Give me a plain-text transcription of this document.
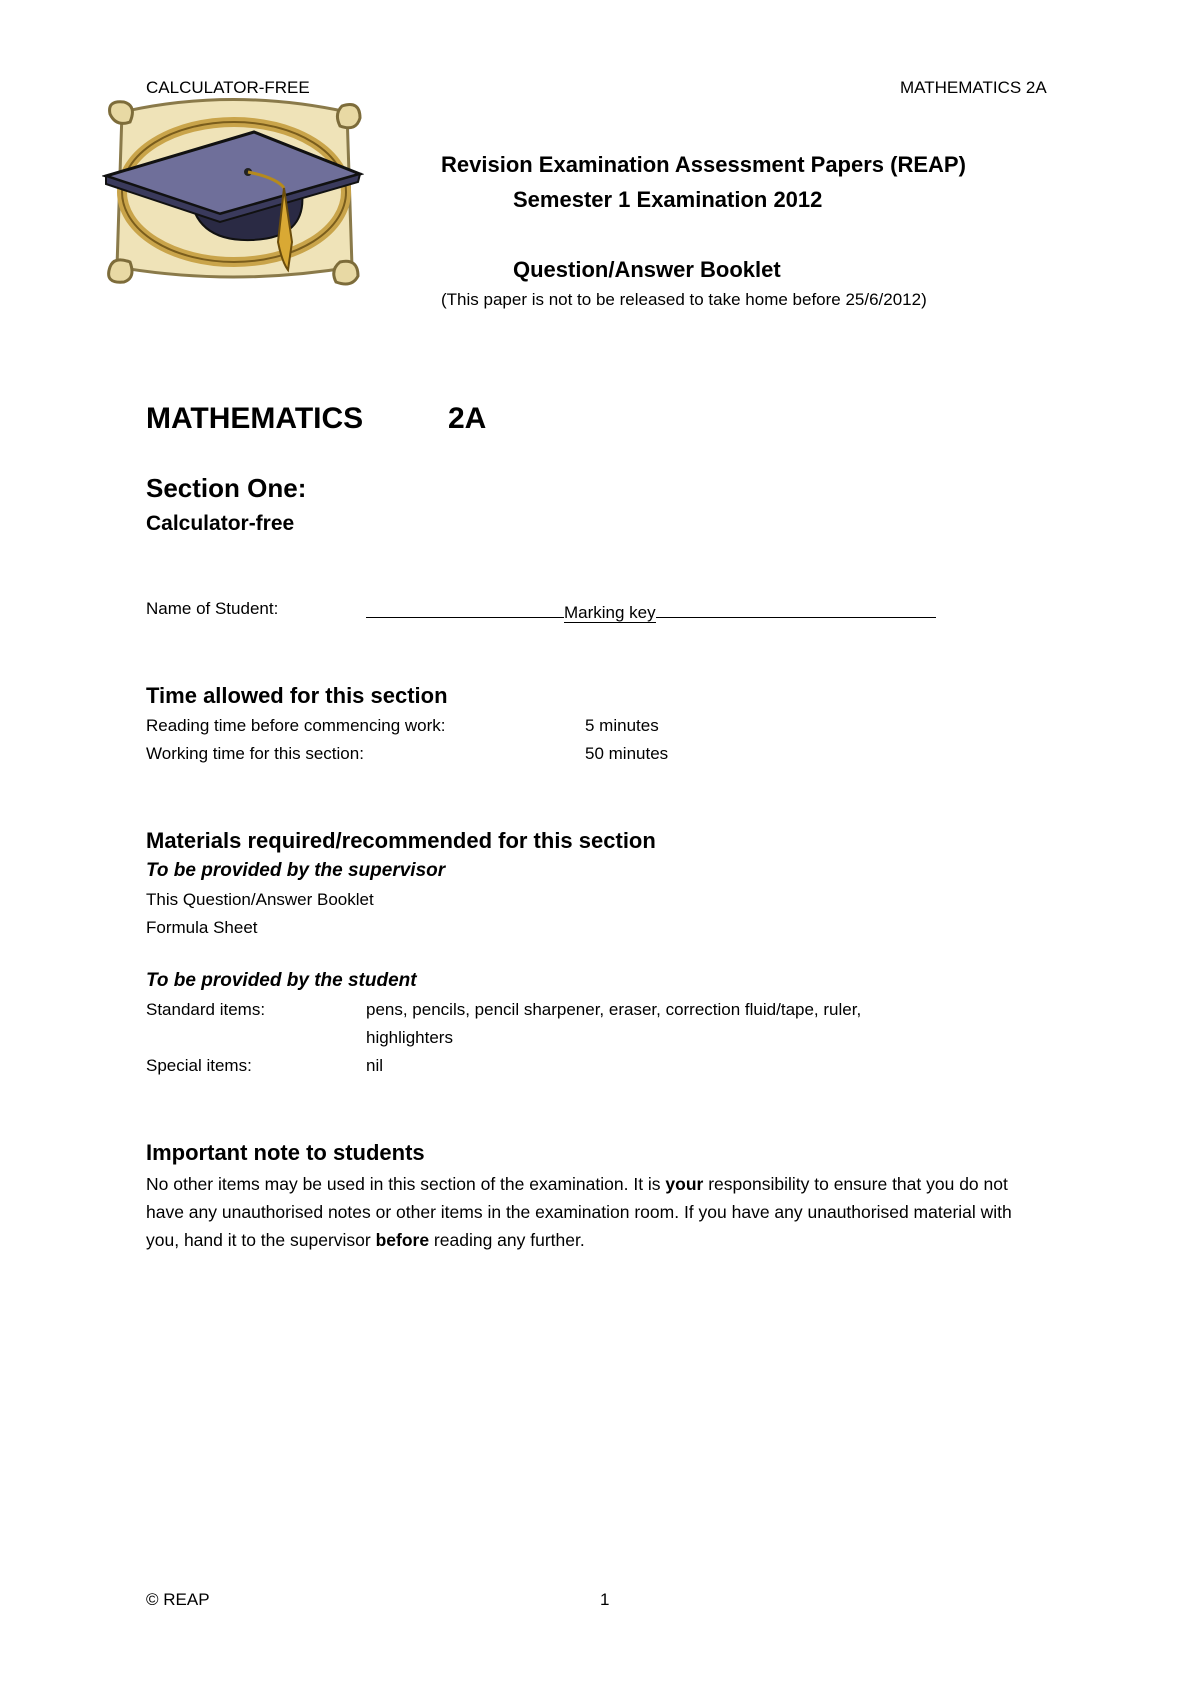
CALCULATOR-FREE	MATHEMATICS 2A
Revision Examination Assessment Papers (REAP)
Semester 1 Examination 2012
Question/Answer Booklet
(This paper is not to be released to take home before 25/6/2012)
MATHEMATICS	2A
Section One:
Calculator-free
Name of Student:	Marking key
Time allowed for this section
Reading time before commencing work:	5 minutes
Working time for this section:	50 minutes
Materials required/recommended for this section
To be provided by the supervisor
This Question/Answer Booklet
Formula Sheet
To be provided by the student
Standard items:	pens, pencils, pencil sharpener, eraser, correction fluid/tape, ruler,
highlighters
Special items:	nil
Important note to students
No other items may be used in this section of the examination. It is your responsibility to ensure that you do not have any unauthorised notes or other items in the examination room. If you have any unauthorised material with you, hand it to the supervisor before reading any further.
© REAP	1
